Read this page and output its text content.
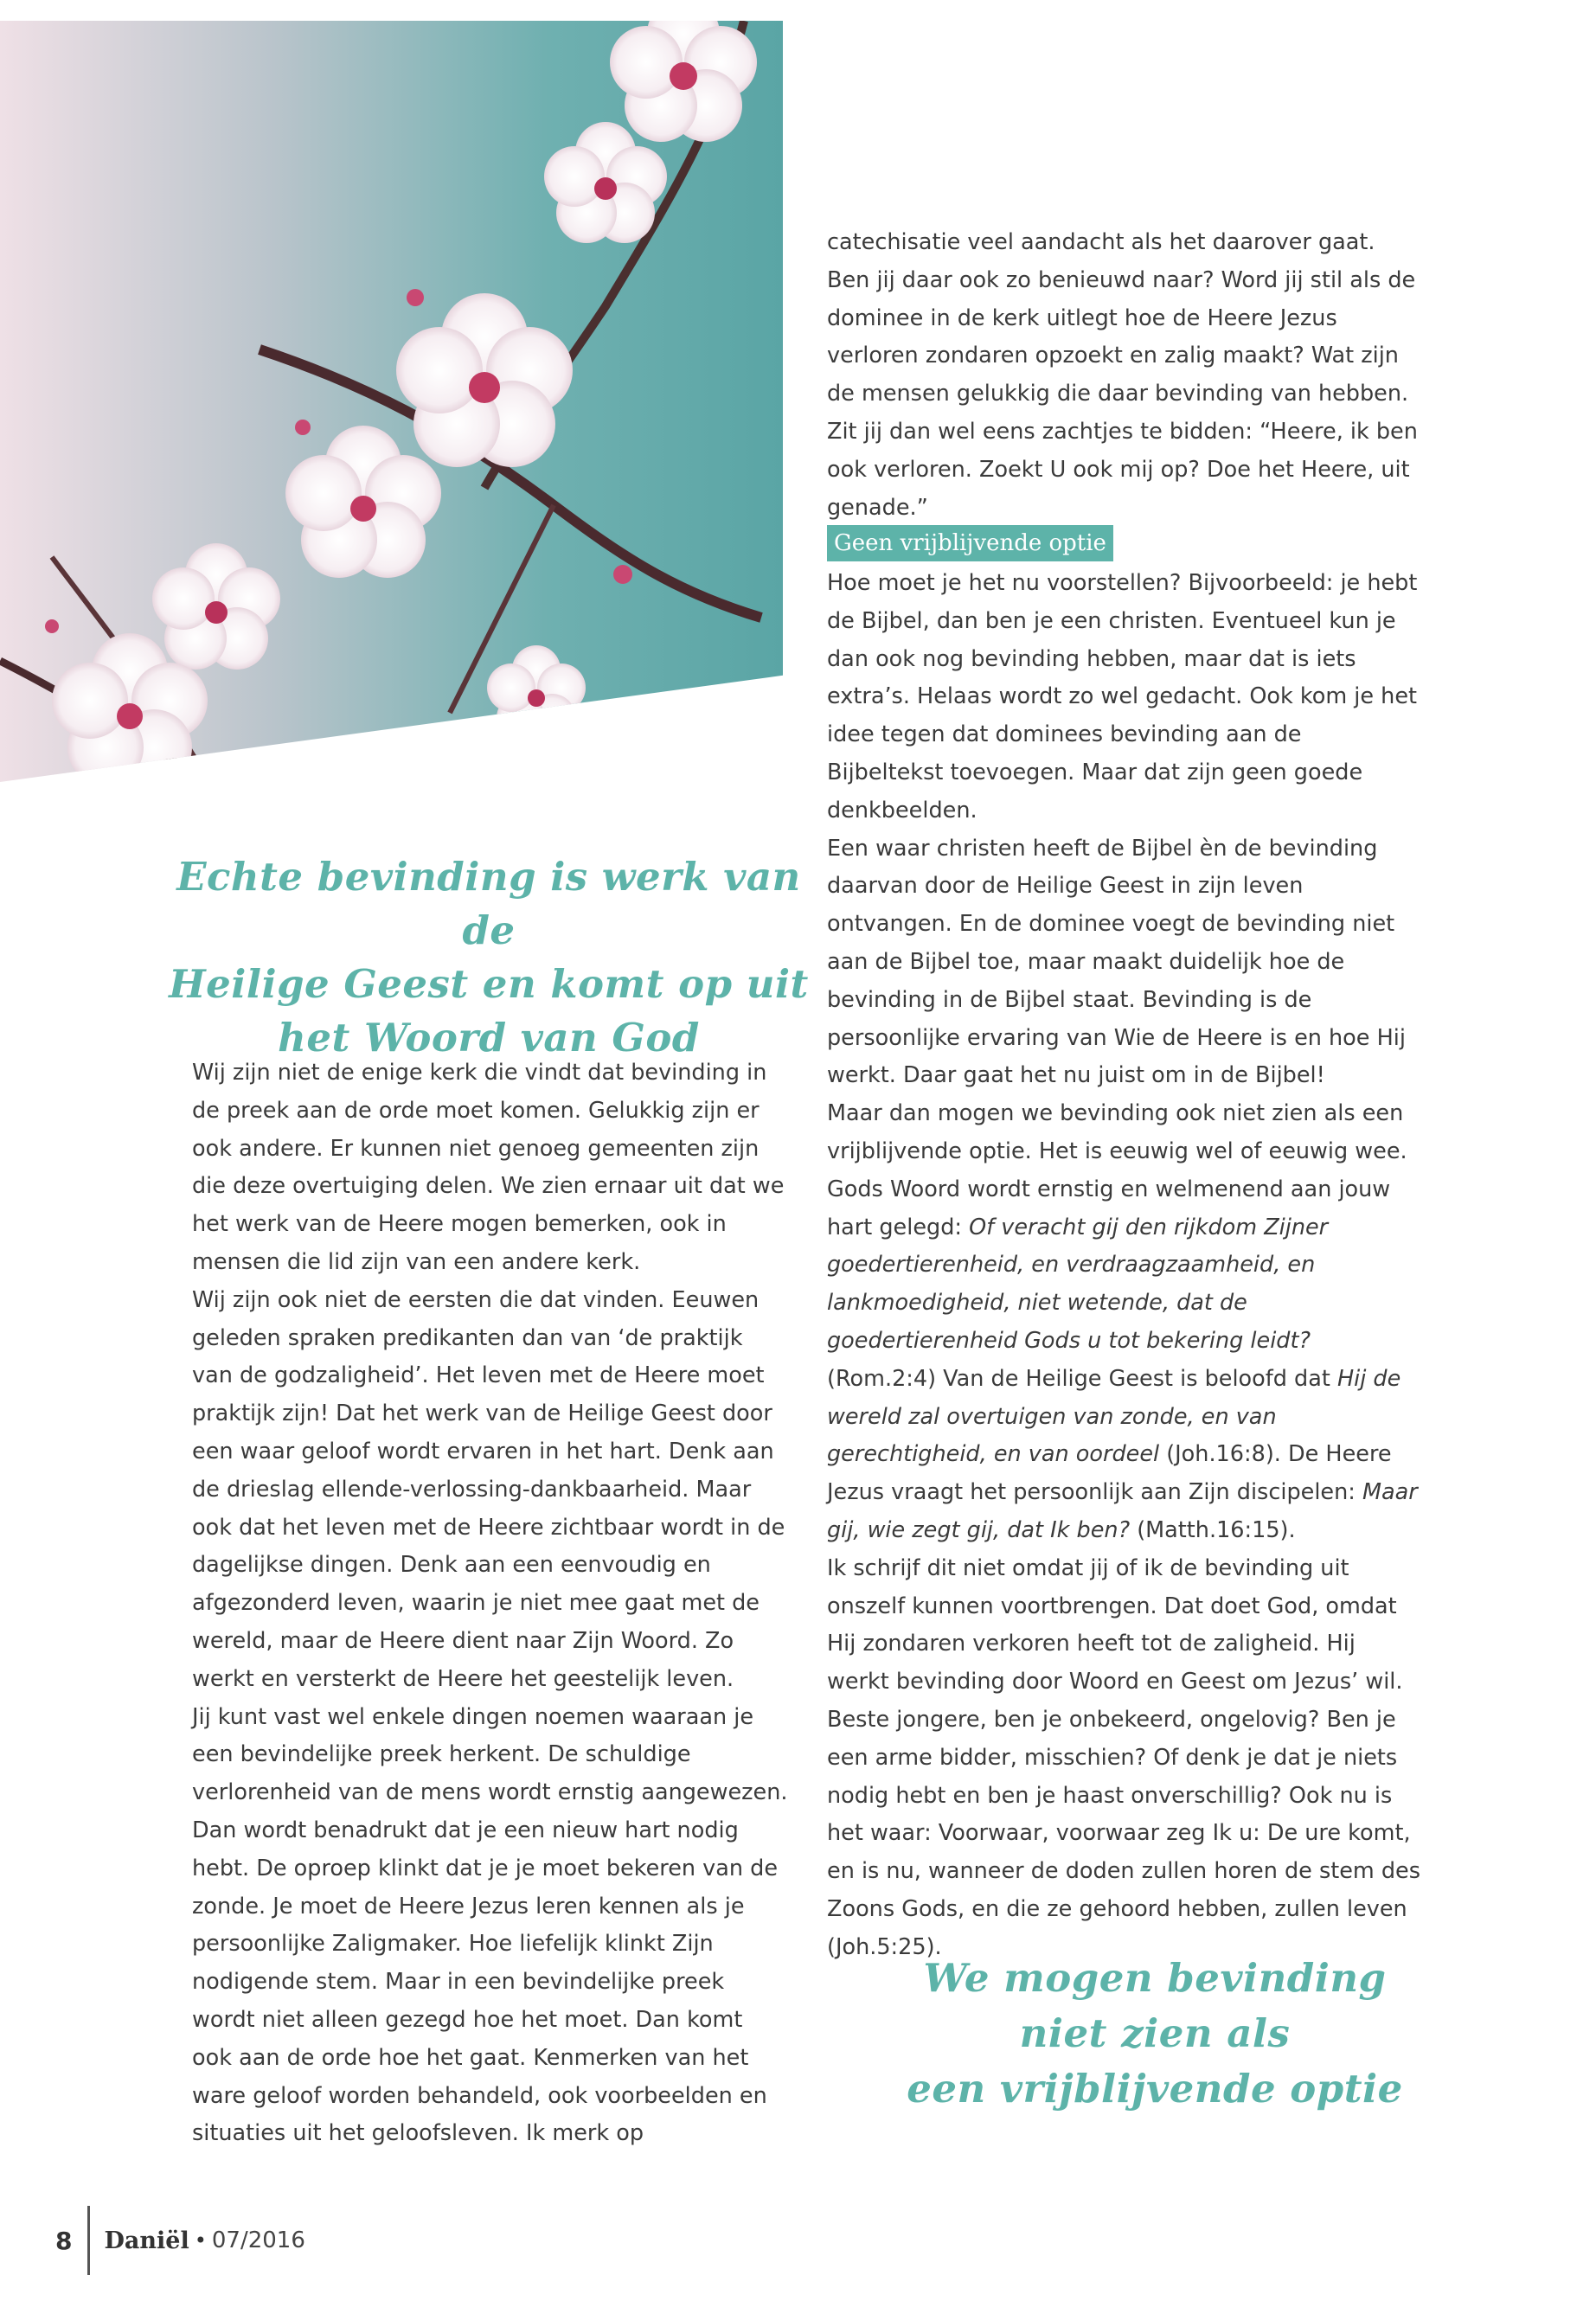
Echte bevinding is werk van de
Heilige Geest en komt op uit
het Woord van God

catechisatie veel aandacht als het daarover gaat. Ben jij daar ook zo benieuwd naar? Word jij stil als de dominee in de kerk uitlegt hoe de Heere Jezus verloren zondaren opzoekt en zalig maakt? Wat zijn de mensen gelukkig die daar bevinding van hebben. Zit jij dan wel eens zachtjes te bidden: “Heere, ik ben ook verloren. Zoekt U ook mij op? Doe het Heere, uit genade.”

Geen vrijblijvende optie

Hoe moet je het nu voorstellen? Bijvoorbeeld: je hebt de Bijbel, dan ben je een christen. Eventueel kun je dan ook nog bevinding hebben, maar dat is iets extra’s. Helaas wordt zo wel gedacht. Ook kom je het idee tegen dat dominees bevinding aan de Bijbeltekst toevoegen. Maar dat zijn geen goede denkbeelden.

Een waar christen heeft de Bijbel èn de bevinding daarvan door de Heilige Geest in zijn leven ontvangen. En de dominee voegt de bevinding niet aan de Bijbel toe, maar maakt duidelijk hoe de bevinding in de Bijbel staat. Bevinding is de persoonlijke ervaring van Wie de Heere is en hoe Hij werkt. Daar gaat het nu juist om in de Bijbel!

Maar dan mogen we bevinding ook niet zien als een vrijblijvende optie. Het is eeuwig wel of eeuwig wee. Gods Woord wordt ernstig en welmenend aan jouw hart gelegd: Of veracht gij den rijkdom Zijner goedertierenheid, en verdraagzaamheid, en lankmoedigheid, niet wetende, dat de goedertierenheid Gods u tot bekering leidt? (Rom.2:4) Van de Heilige Geest is beloofd dat Hij de wereld zal overtuigen van zonde, en van gerechtigheid, en van oordeel (Joh.16:8). De Heere Jezus vraagt het persoonlijk aan Zijn discipelen: Maar gij, wie zegt gij, dat Ik ben? (Matth.16:15).

Ik schrijf dit niet omdat jij of ik de bevinding uit onszelf kunnen voortbrengen. Dat doet God, omdat Hij zondaren verkoren heeft tot de zaligheid. Hij werkt bevinding door Woord en Geest om Jezus’ wil. Beste jongere, ben je onbekeerd, ongelovig? Ben je een arme bidder, misschien? Of denk je dat je niets nodig hebt en ben je haast onverschillig? Ook nu is het waar: Voorwaar, voorwaar zeg Ik u: De ure komt, en is nu, wanneer de doden zullen horen de stem des Zoons Gods, en die ze gehoord hebben, zullen leven (Joh.5:25).

Wij zijn niet de enige kerk die vindt dat bevinding in de preek aan de orde moet komen. Gelukkig zijn er ook andere. Er kunnen niet genoeg gemeenten zijn die deze overtuiging delen. We zien ernaar uit dat we het werk van de Heere mogen bemerken, ook in mensen die lid zijn van een andere kerk.

Wij zijn ook niet de eersten die dat vinden. Eeuwen geleden spraken predikanten dan van ‘de praktijk van de godzaligheid’. Het leven met de Heere moet praktijk zijn! Dat het werk van de Heilige Geest door een waar geloof wordt ervaren in het hart. Denk aan de drieslag ellende-verlossing-dankbaarheid. Maar ook dat het leven met de Heere zichtbaar wordt in de dagelijkse dingen. Denk aan een eenvoudig en afgezonderd leven, waarin je niet mee gaat met de wereld, maar de Heere dient naar Zijn Woord. Zo werkt en versterkt de Heere het geestelijk leven.

Jij kunt vast wel enkele dingen noemen waaraan je een bevindelijke preek herkent. De schuldige verlorenheid van de mens wordt ernstig aangewezen. Dan wordt benadrukt dat je een nieuw hart nodig hebt. De oproep klinkt dat je je moet bekeren van de zonde. Je moet de Heere Jezus leren kennen als je persoonlijke Zaligmaker. Hoe liefelijk klinkt Zijn nodigende stem. Maar in een bevindelijke preek wordt niet alleen gezegd hoe het moet. Dan komt ook aan de orde hoe het gaat. Kenmerken van het ware geloof worden behandeld, ook voorbeelden en situaties uit het geloofsleven. Ik merk op

We mogen bevinding
niet zien als
een vrijblijvende optie
8 Daniël • 07/2016
